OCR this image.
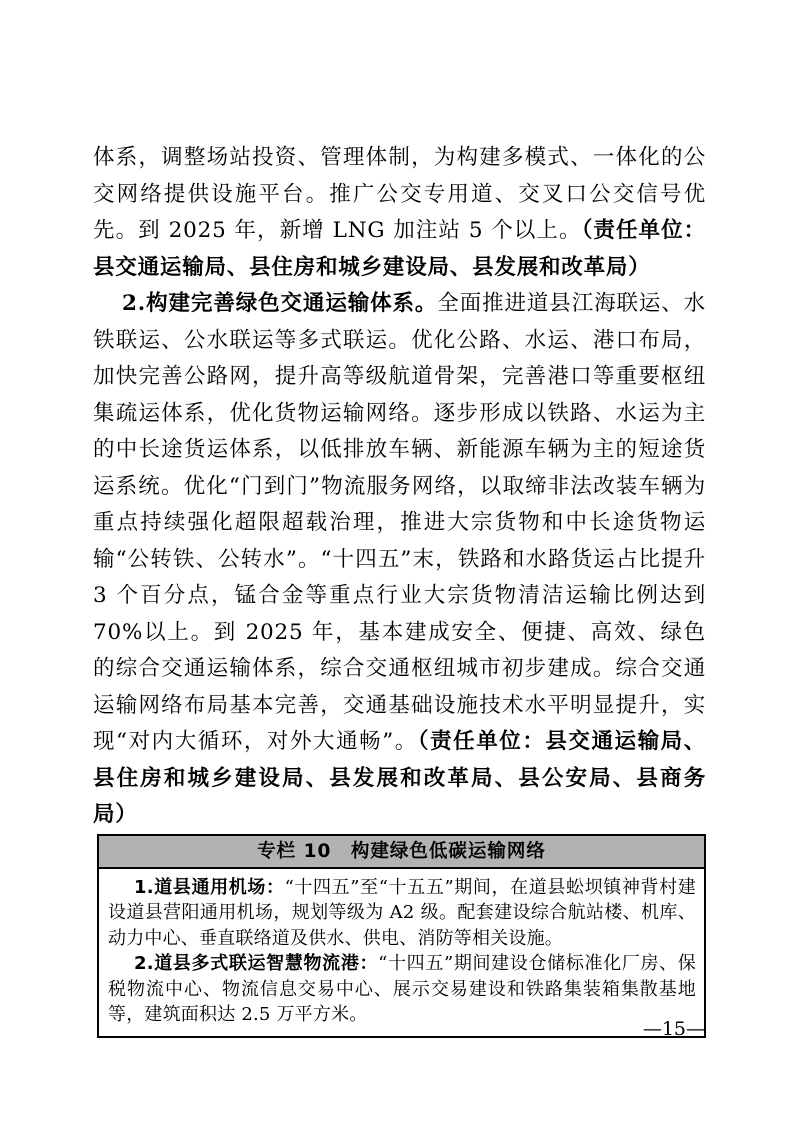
体系，调整场站投资、管理体制，为构建多模式、一体化的公交网络提供设施平台。推广公交专用道、交叉口公交信号优先。到 2025 年，新增 LNG 加注站 5 个以上。（责任单位：县交通运输局、县住房和城乡建设局、县发展和改革局）

2.构建完善绿色交通运输体系。全面推进道县江海联运、水铁联运、公水联运等多式联运。优化公路、水运、港口布局，加快完善公路网，提升高等级航道骨架，完善港口等重要枢纽集疏运体系，优化货物运输网络。逐步形成以铁路、水运为主的中长途货运体系，以低排放车辆、新能源车辆为主的短途货运系统。优化“门到门”物流服务网络，以取缔非法改装车辆为重点持续强化超限超载治理，推进大宗货物和中长途货物运输“公转铁、公转水”。“十四五”末，铁路和水路货运占比提升 3 个百分点，锰合金等重点行业大宗货物清洁运输比例达到 70%以上。到 2025 年，基本建成安全、便捷、高效、绿色的综合交通运输体系，综合交通枢纽城市初步建成。综合交通运输网络布局基本完善，交通基础设施技术水平明显提升，实现“对内大循环，对外大通畅”。（责任单位：县交通运输局、县住房和城乡建设局、县发展和改革局、县公安局、县商务局）

专栏 10　构建绿色低碳运输网络

1.道县通用机场：“十四五”至“十五五”期间，在道县蚣坝镇神背村建设道县营阳通用机场，规划等级为 A2 级。配套建设综合航站楼、机库、动力中心、垂直联络道及供水、供电、消防等相关设施。

2.道县多式联运智慧物流港：“十四五”期间建设仓储标准化厂房、保税物流中心、物流信息交易中心、展示交易建设和铁路集装箱集散基地等，建筑面积达 2.5 万平方米。

—15—
